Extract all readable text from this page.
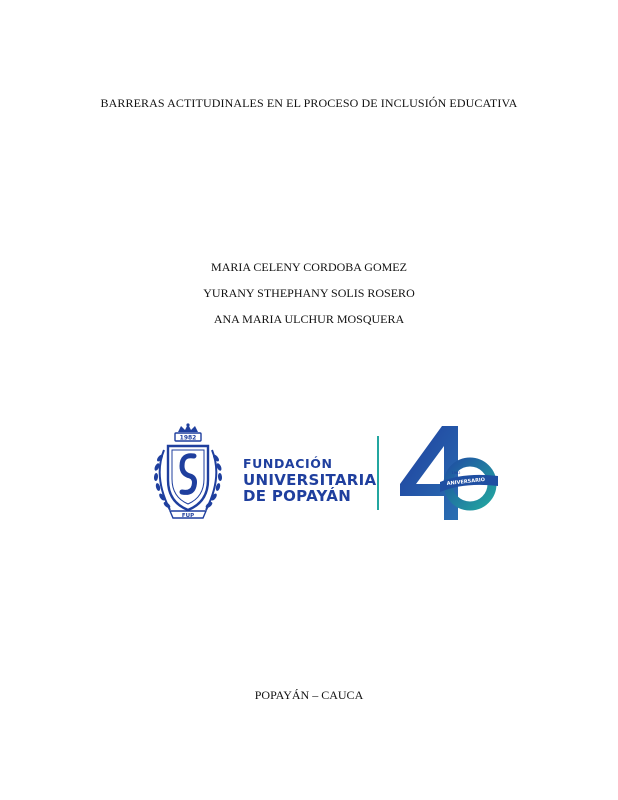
BARRERAS ACTITUDINALES EN EL PROCESO DE INCLUSIÓN EDUCATIVA
MARIA CELENY CORDOBA GOMEZ
YURANY STHEPHANY SOLIS ROSERO
ANA MARIA ULCHUR MOSQUERA
1982
FUP
FUNDACIÓN
UNIVERSITARIA
DE POPAYÁN
ANIVERSARIO
1982
POPAYÁN – CAUCA
